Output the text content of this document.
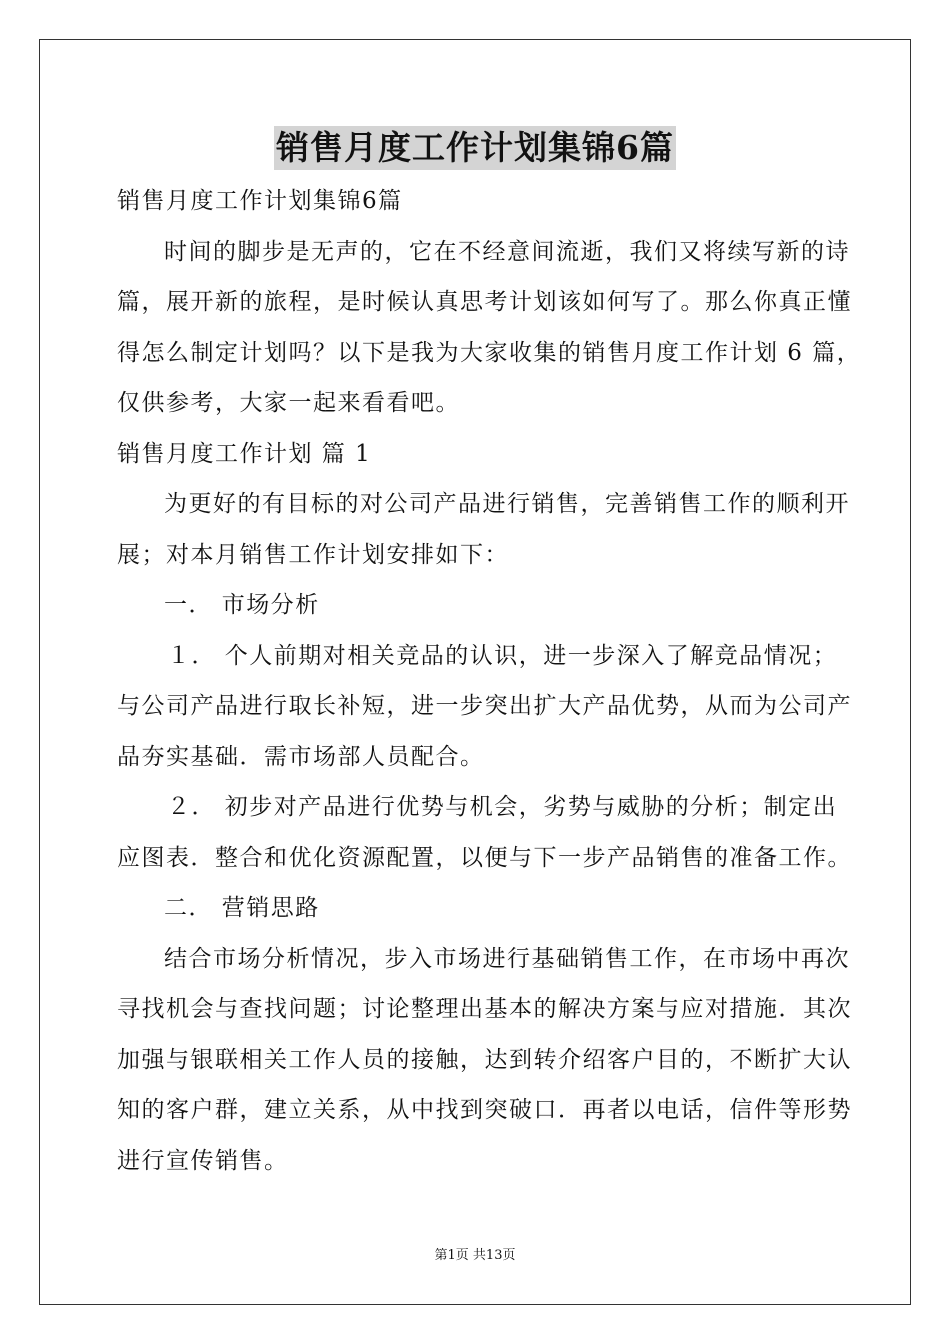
销售月度工作计划集锦6篇
销售月度工作计划集锦6篇
时间的脚步是无声的，它在不经意间流逝，我们又将续写新的诗
篇，展开新的旅程，是时候认真思考计划该如何写了。那么你真正懂
得怎么制定计划吗？以下是我为大家收集的销售月度工作计划 6 篇，
仅供参考，大家一起来看看吧。
销售月度工作计划 篇 1
为更好的有目标的对公司产品进行销售，完善销售工作的顺利开
展；对本月销售工作计划安排如下：
一． 市场分析
１． 个人前期对相关竞品的认识，进一步深入了解竞品情况；
与公司产品进行取长补短，进一步突出扩大产品优势，从而为公司产
品夯实基础．需市场部人员配合。
２． 初步对产品进行优势与机会，劣势与威胁的分析；制定出
应图表．整合和优化资源配置，以便与下一步产品销售的准备工作。
二． 营销思路
结合市场分析情况，步入市场进行基础销售工作，在市场中再次
寻找机会与查找问题；讨论整理出基本的解决方案与应对措施．其次
加强与银联相关工作人员的接触，达到转介绍客户目的，不断扩大认
知的客户群，建立关系，从中找到突破口．再者以电话，信件等形势
进行宣传销售。
第1页 共13页
